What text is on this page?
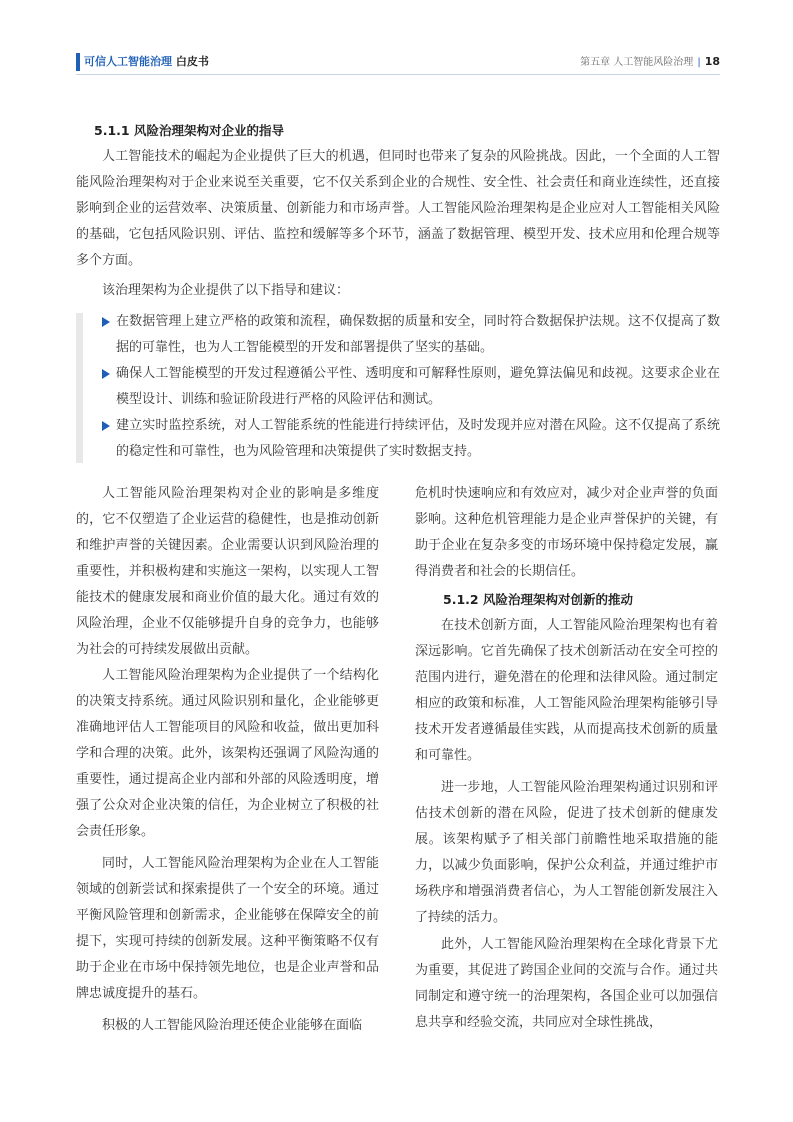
可信人工智能治理 白皮书	第五章 人工智能风险治理 | 18
5.1.1 风险治理架构对企业的指导

人工智能技术的崛起为企业提供了巨大的机遇，但同时也带来了复杂的风险挑战。因此，一个全面的人工智能风险治理架构对于企业来说至关重要，它不仅关系到企业的合规性、安全性、社会责任和商业连续性，还直接影响到企业的运营效率、决策质量、创新能力和市场声誉。人工智能风险治理架构是企业应对人工智能相关风险的基础，它包括风险识别、评估、监控和缓解等多个环节，涵盖了数据管理、模型开发、技术应用和伦理合规等多个方面。

该治理架构为企业提供了以下指导和建议：

在数据管理上建立严格的政策和流程，确保数据的质量和安全，同时符合数据保护法规。这不仅提高了数据的可靠性，也为人工智能模型的开发和部署提供了坚实的基础。
确保人工智能模型的开发过程遵循公平性、透明度和可解释性原则，避免算法偏见和歧视。这要求企业在模型设计、训练和验证阶段进行严格的风险评估和测试。
建立实时监控系统，对人工智能系统的性能进行持续评估，及时发现并应对潜在风险。这不仅提高了系统的稳定性和可靠性，也为风险管理和决策提供了实时数据支持。

人工智能风险治理架构对企业的影响是多维度的，它不仅塑造了企业运营的稳健性，也是推动创新和维护声誉的关键因素。企业需要认识到风险治理的重要性，并积极构建和实施这一架构，以实现人工智能技术的健康发展和商业价值的最大化。通过有效的风险治理，企业不仅能够提升自身的竞争力，也能够为社会的可持续发展做出贡献。

人工智能风险治理架构为企业提供了一个结构化的决策支持系统。通过风险识别和量化，企业能够更准确地评估人工智能项目的风险和收益，做出更加科学和合理的决策。此外，该架构还强调了风险沟通的重要性，通过提高企业内部和外部的风险透明度，增强了公众对企业决策的信任，为企业树立了积极的社会责任形象。

同时，人工智能风险治理架构为企业在人工智能领域的创新尝试和探索提供了一个安全的环境。通过平衡风险管理和创新需求，企业能够在保障安全的前提下，实现可持续的创新发展。这种平衡策略不仅有助于企业在市场中保持领先地位，也是企业声誉和品牌忠诚度提升的基石。

积极的人工智能风险治理还使企业能够在面临

危机时快速响应和有效应对，减少对企业声誉的负面影响。这种危机管理能力是企业声誉保护的关键，有助于企业在复杂多变的市场环境中保持稳定发展，赢得消费者和社会的长期信任。

5.1.2 风险治理架构对创新的推动

在技术创新方面，人工智能风险治理架构也有着深远影响。它首先确保了技术创新活动在安全可控的范围内进行，避免潜在的伦理和法律风险。通过制定相应的政策和标准，人工智能风险治理架构能够引导技术开发者遵循最佳实践，从而提高技术创新的质量和可靠性。

进一步地，人工智能风险治理架构通过识别和评估技术创新的潜在风险，促进了技术创新的健康发展。该架构赋予了相关部门前瞻性地采取措施的能力，以减少负面影响，保护公众利益，并通过维护市场秩序和增强消费者信心，为人工智能创新发展注入了持续的活力。

此外，人工智能风险治理架构在全球化背景下尤为重要，其促进了跨国企业间的交流与合作。通过共同制定和遵守统一的治理架构，各国企业可以加强信息共享和经验交流，共同应对全球性挑战，
